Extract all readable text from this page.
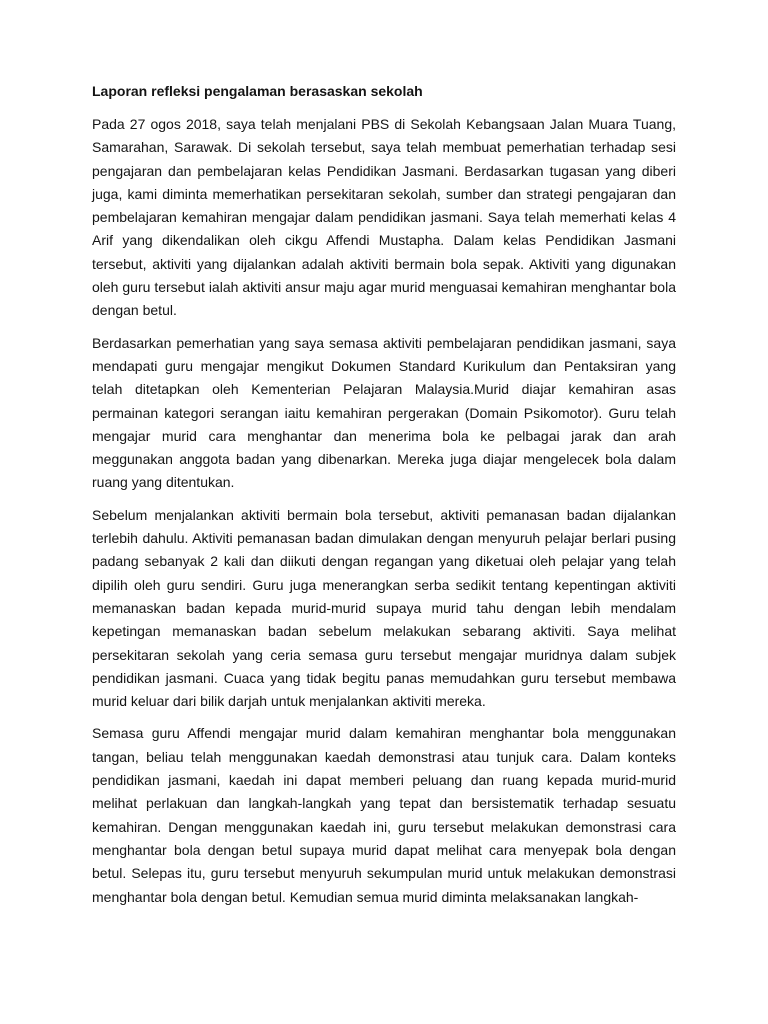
Laporan refleksi pengalaman berasaskan sekolah

Pada 27 ogos 2018, saya telah menjalani PBS di Sekolah Kebangsaan Jalan Muara Tuang, Samarahan, Sarawak. Di sekolah tersebut, saya telah membuat pemerhatian terhadap sesi pengajaran dan pembelajaran kelas Pendidikan Jasmani. Berdasarkan tugasan yang diberi juga, kami diminta memerhatikan persekitaran sekolah, sumber dan strategi pengajaran dan pembelajaran kemahiran mengajar dalam pendidikan jasmani. Saya telah memerhati kelas 4 Arif yang dikendalikan oleh cikgu Affendi Mustapha. Dalam kelas Pendidikan Jasmani tersebut, aktiviti yang dijalankan adalah aktiviti bermain bola sepak. Aktiviti yang digunakan oleh guru tersebut ialah aktiviti ansur maju agar murid menguasai kemahiran menghantar bola dengan betul.

Berdasarkan pemerhatian yang saya semasa aktiviti pembelajaran pendidikan jasmani, saya mendapati guru mengajar mengikut Dokumen Standard Kurikulum dan Pentaksiran yang telah ditetapkan oleh Kementerian Pelajaran Malaysia.Murid diajar kemahiran asas permainan kategori serangan iaitu kemahiran pergerakan (Domain Psikomotor). Guru telah mengajar murid cara menghantar dan menerima bola ke pelbagai jarak dan arah meggunakan anggota badan yang dibenarkan. Mereka juga diajar mengelecek bola dalam ruang yang ditentukan.

Sebelum menjalankan aktiviti bermain bola tersebut, aktiviti pemanasan badan dijalankan terlebih dahulu. Aktiviti pemanasan badan dimulakan dengan menyuruh pelajar berlari pusing padang sebanyak 2 kali dan diikuti dengan regangan yang diketuai oleh pelajar yang telah dipilih oleh guru sendiri. Guru juga menerangkan serba sedikit tentang kepentingan aktiviti memanaskan badan kepada murid-murid supaya murid tahu dengan lebih mendalam kepetingan memanaskan badan sebelum melakukan sebarang aktiviti. Saya melihat persekitaran sekolah yang ceria semasa guru tersebut mengajar muridnya dalam subjek pendidikan jasmani. Cuaca yang tidak begitu panas memudahkan guru tersebut membawa murid keluar dari bilik darjah untuk menjalankan aktiviti mereka.

Semasa guru Affendi mengajar murid dalam kemahiran menghantar bola menggunakan tangan, beliau telah menggunakan kaedah demonstrasi atau tunjuk cara. Dalam konteks pendidikan jasmani, kaedah ini dapat memberi peluang dan ruang kepada murid-murid melihat perlakuan dan langkah-langkah yang tepat dan bersistematik terhadap sesuatu kemahiran. Dengan menggunakan kaedah ini, guru tersebut melakukan demonstrasi cara menghantar bola dengan betul supaya murid dapat melihat cara menyepak bola dengan betul. Selepas itu, guru tersebut menyuruh sekumpulan murid untuk melakukan demonstrasi menghantar bola dengan betul. Kemudian semua murid diminta melaksanakan langkah-
